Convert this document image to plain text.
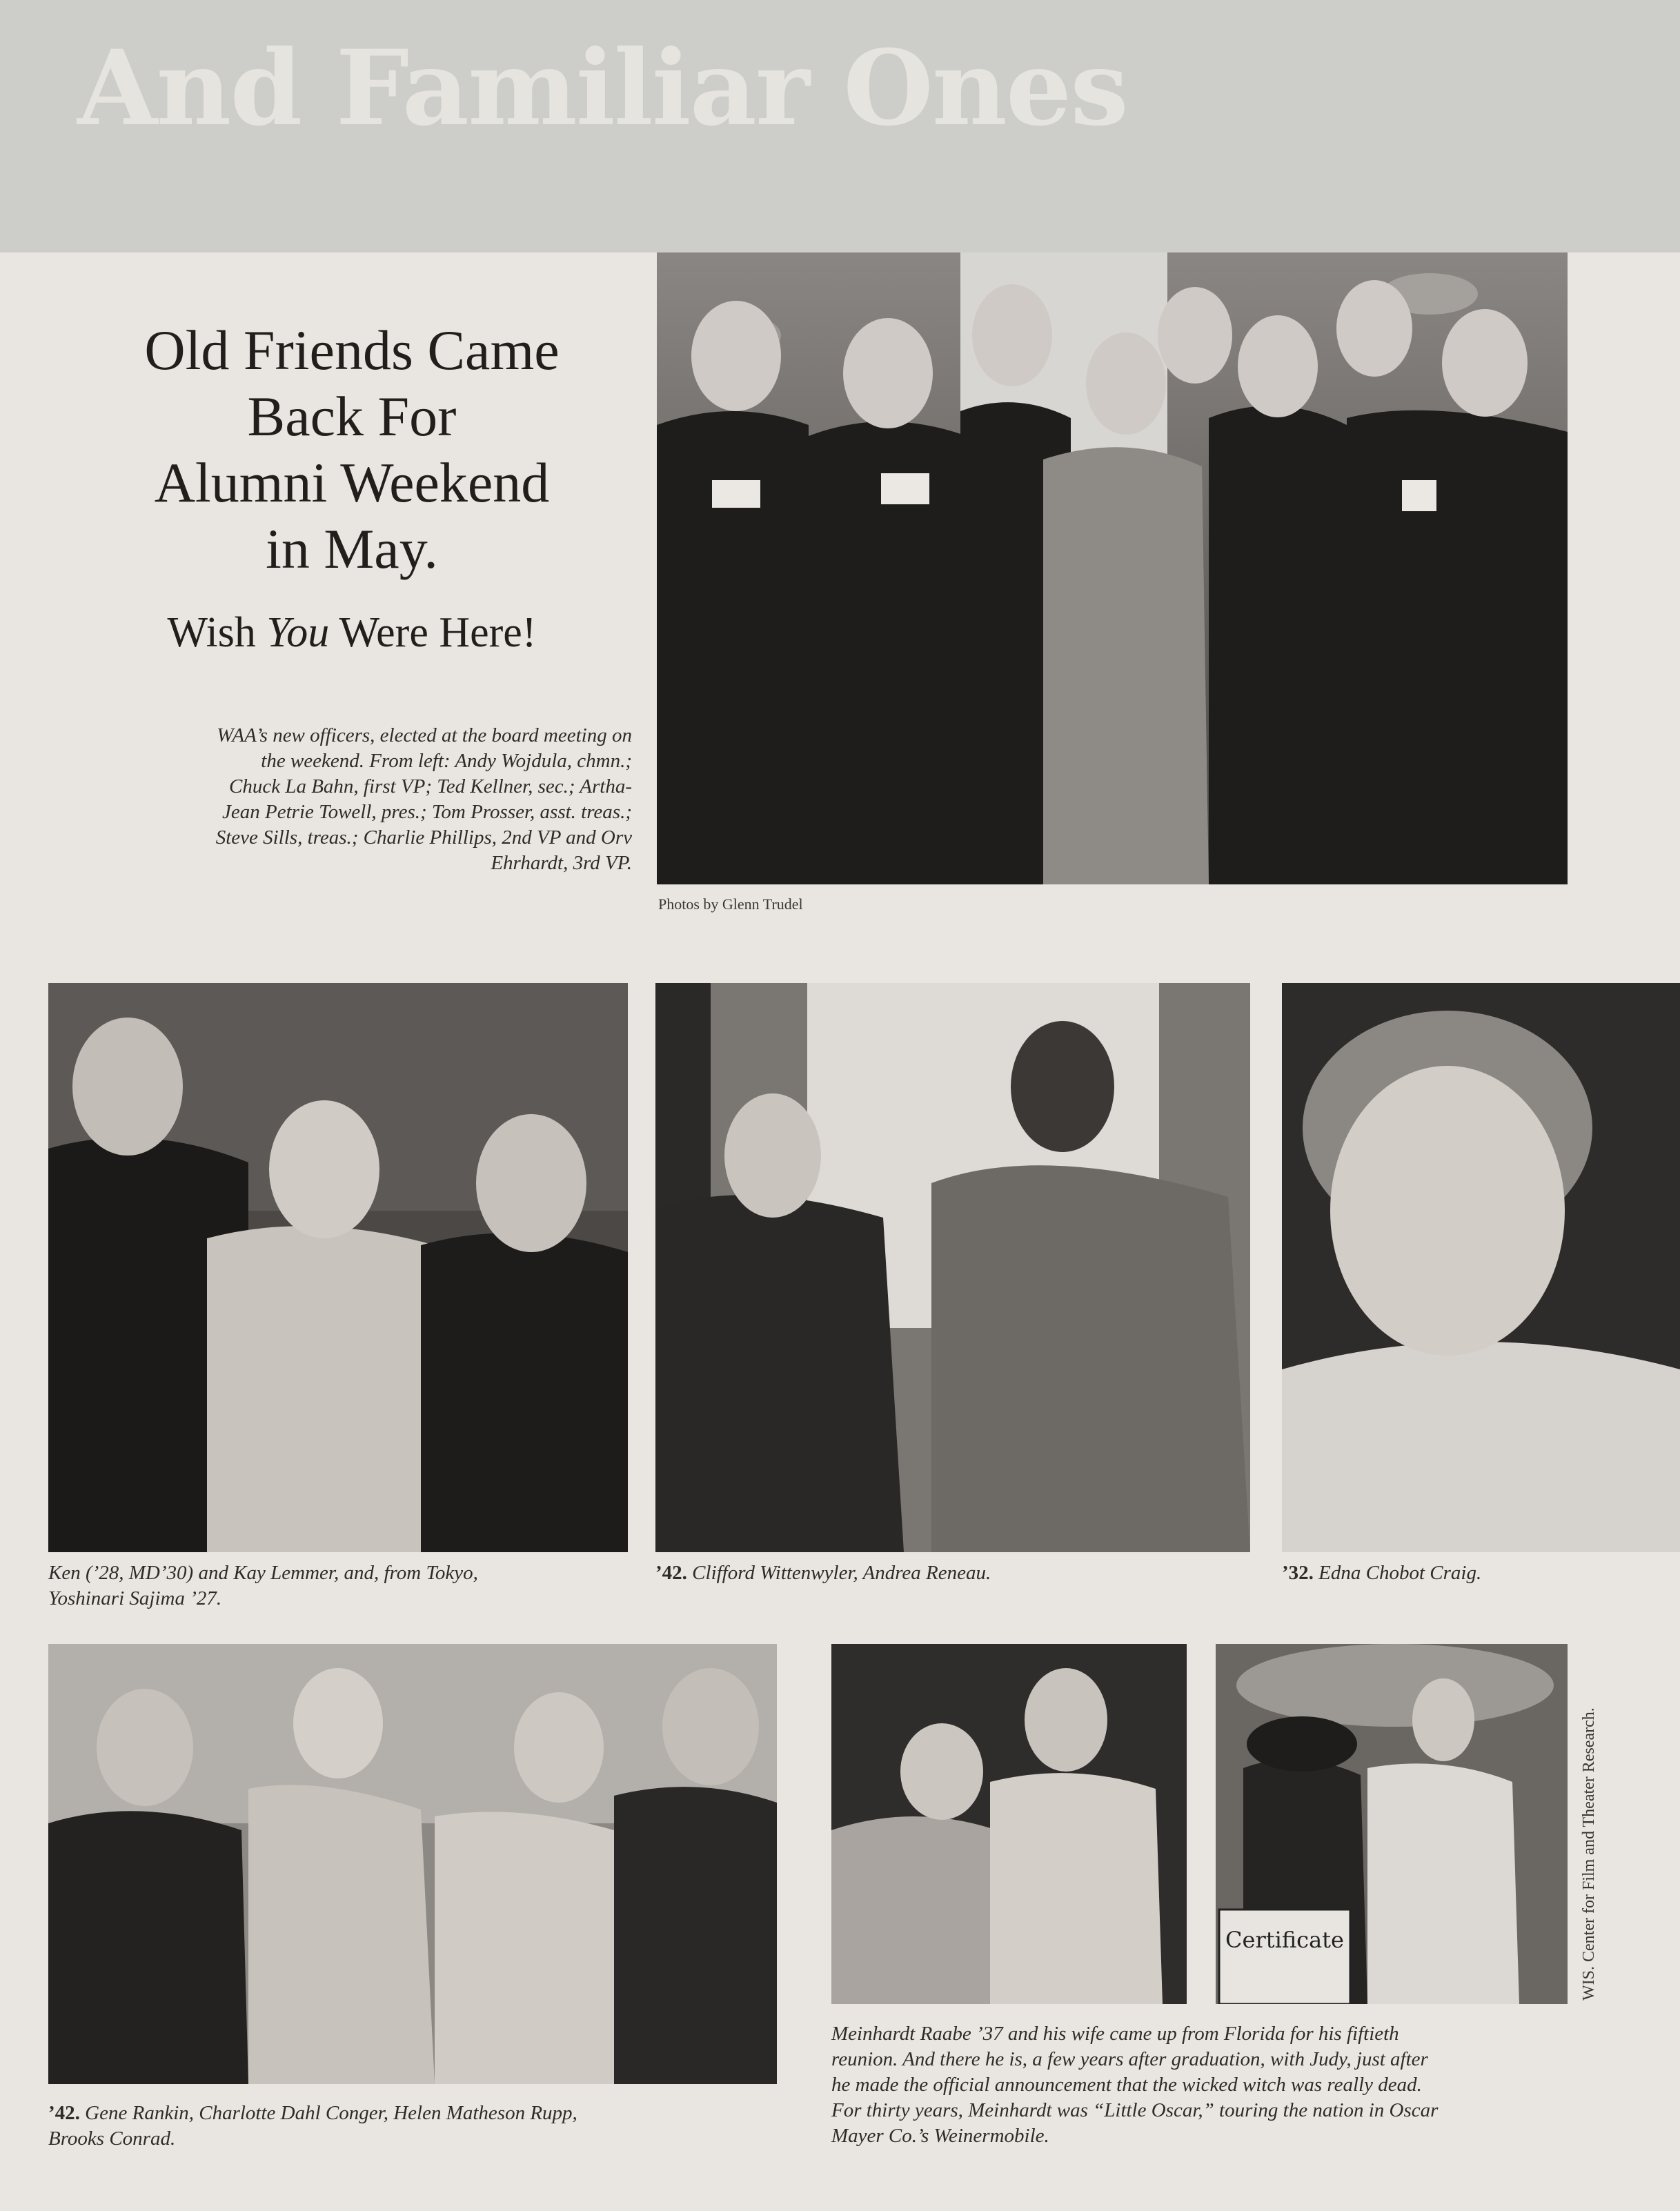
And Familiar Ones
Old Friends Came
Back For
Alumni Weekend
in May.
Wish You Were Here!
WAA’s new officers, elected at the board meeting on
the weekend. From left: Andy Wojdula, chmn.;
Chuck La Bahn, first VP; Ted Kellner, sec.; Artha-
Jean Petrie Towell, pres.; Tom Prosser, asst. treas.;
Steve Sills, treas.; Charlie Phillips, 2nd VP and Orv
Ehrhardt, 3rd VP.
Photos by Glenn Trudel
Ken (’28, MD’30) and Kay Lemmer, and, from Tokyo,
Yoshinari Sajima ’27.
’42. Clifford Wittenwyler, Andrea Reneau.	’32. Edna Chobot Craig.
’42. Gene Rankin, Charlotte Dahl Conger, Helen Matheson Rupp,
Brooks Conrad.
Certificate	WIS. Center for Film and Theater Research.
Meinhardt Raabe ’37 and his wife came up from Florida for his fiftieth
reunion. And there he is, a few years after graduation, with Judy, just after
he made the official announcement that the wicked witch was really dead.
For thirty years, Meinhardt was “Little Oscar,” touring the nation in Oscar
Mayer Co.’s Weinermobile.
